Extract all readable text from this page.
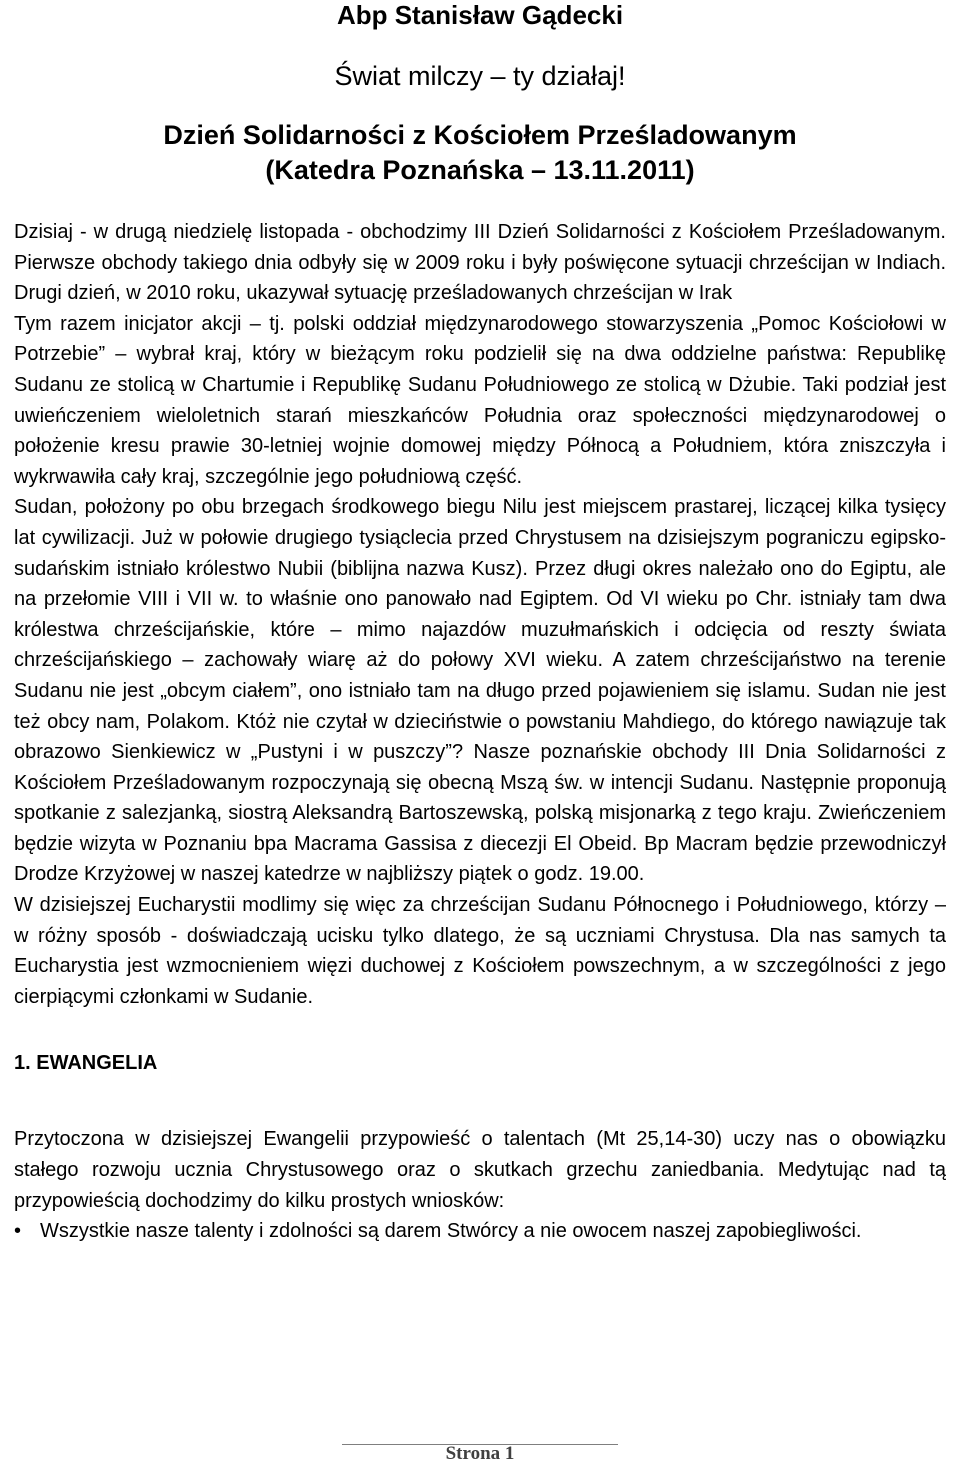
Abp Stanisław Gądecki
Świat milczy – ty działaj!
Dzień Solidarności z Kościołem Prześladowanym
(Katedra Poznańska – 13.11.2011)

Dzisiaj - w drugą niedzielę listopada - obchodzimy III Dzień Solidarności z Kościołem Prześladowanym. Pierwsze obchody takiego dnia odbyły się w 2009 roku i były poświęcone sytuacji chrześcijan w Indiach. Drugi dzień, w 2010 roku, ukazywał sytuację prześladowanych chrześcijan w Irak

Tym razem inicjator akcji – tj. polski oddział międzynarodowego stowarzyszenia „Pomoc Kościołowi w Potrzebie” – wybrał kraj, który w bieżącym roku podzielił się na dwa oddzielne państwa: Republikę Sudanu ze stolicą w Chartumie i Republikę Sudanu Południowego ze stolicą w Dżubie. Taki podział jest uwieńczeniem wieloletnich starań mieszkańców Południa oraz społeczności międzynarodowej o położenie kresu prawie 30-letniej wojnie domowej między Północą a Południem, która zniszczyła i wykrwawiła cały kraj, szczególnie jego południową część.

Sudan, położony po obu brzegach środkowego biegu Nilu jest miejscem prastarej, liczącej kilka tysięcy lat cywilizacji. Już w połowie drugiego tysiąclecia przed Chrystusem na dzisiejszym pograniczu egipsko-sudańskim istniało królestwo Nubii (biblijna nazwa Kusz). Przez długi okres należało ono do Egiptu, ale na przełomie VIII i VII w. to właśnie ono panowało nad Egiptem. Od VI wieku po Chr. istniały tam dwa królestwa chrześcijańskie, które – mimo najazdów muzułmańskich i odcięcia od reszty świata chrześcijańskiego – zachowały wiarę aż do połowy XVI wieku. A zatem chrześcijaństwo na terenie Sudanu nie jest „obcym ciałem”, ono istniało tam na długo przed pojawieniem się islamu. Sudan nie jest też obcy nam, Polakom. Któż nie czytał w dzieciństwie o powstaniu Mahdiego, do którego nawiązuje tak obrazowo Sienkiewicz w „Pustyni i w puszczy”? Nasze poznańskie obchody III Dnia Solidarności z Kościołem Prześladowanym rozpoczynają się obecną Mszą św. w intencji Sudanu. Następnie proponują spotkanie z salezjanką, siostrą Aleksandrą Bartoszewską, polską misjonarką z tego kraju. Zwieńczeniem będzie wizyta w Poznaniu bpa Macrama Gassisa z diecezji El Obeid. Bp Macram będzie przewodniczył Drodze Krzyżowej w naszej katedrze w najbliższy piątek o godz. 19.00.

W dzisiejszej Eucharystii modlimy się więc za chrześcijan Sudanu Północnego i Południowego, którzy – w różny sposób - doświadczają ucisku tylko dlatego, że są uczniami Chrystusa. Dla nas samych ta Eucharystia jest wzmocnieniem więzi duchowej z Kościołem powszechnym, a w szczególności z jego cierpiącymi członkami w Sudanie.

1. EWANGELIA

Przytoczona w dzisiejszej Ewangelii przypowieść o talentach (Mt 25,14-30) uczy nas o obowiązku stałego rozwoju ucznia Chrystusowego oraz o skutkach grzechu zaniedbania. Medytując nad tą przypowieścią dochodzimy do kilku prostych wniosków:

• Wszystkie nasze talenty i zdolności są darem Stwórcy a nie owocem naszej zapobiegliwości.
Strona 1
